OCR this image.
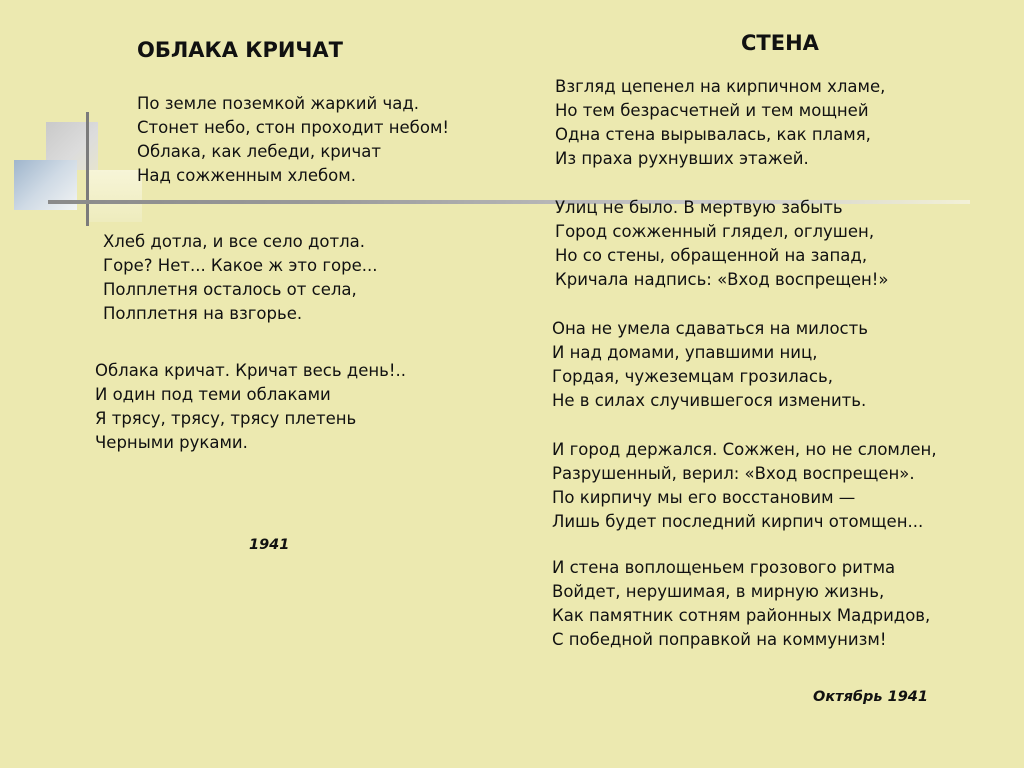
ОБЛАКА КРИЧАТ
По земле поземкой жаркий чад.
Стонет небо, стон проходит небом!
Облака, как лебеди, кричат
Над сожженным хлебом.
Хлеб дотла, и все село дотла.
Горе? Нет... Какое ж это горе...
Полплетня осталось от села,
Полплетня на взгорье.
Облака кричат. Кричат весь день!..
И один под теми облаками
Я трясу, трясу, трясу плетень
Черными руками.
1941
СТЕНА
Взгляд цепенел на кирпичном хламе,
Но тем безрасчетней и тем мощней
Одна стена вырывалась, как пламя,
Из праха рухнувших этажей.
Улиц не было. В мертвую забыть
Город сожженный глядел, оглушен,
Но со стены, обращенной на запад,
Кричала надпись: «Вход воспрещен!»
Она не умела сдаваться на милость
И над домами, упавшими ниц,
Гордая, чужеземцам грозилась,
Не в силах случившегося изменить.
И город держался. Сожжен, но не сломлен,
Разрушенный, верил: «Вход воспрещен».
По кирпичу мы его восстановим —
Лишь будет последний кирпич отомщен...
И стена воплощеньем грозового ритма
Войдет, нерушимая, в мирную жизнь,
Как памятник сотням районных Мадридов,
С победной поправкой на коммунизм!
Октябрь 1941
